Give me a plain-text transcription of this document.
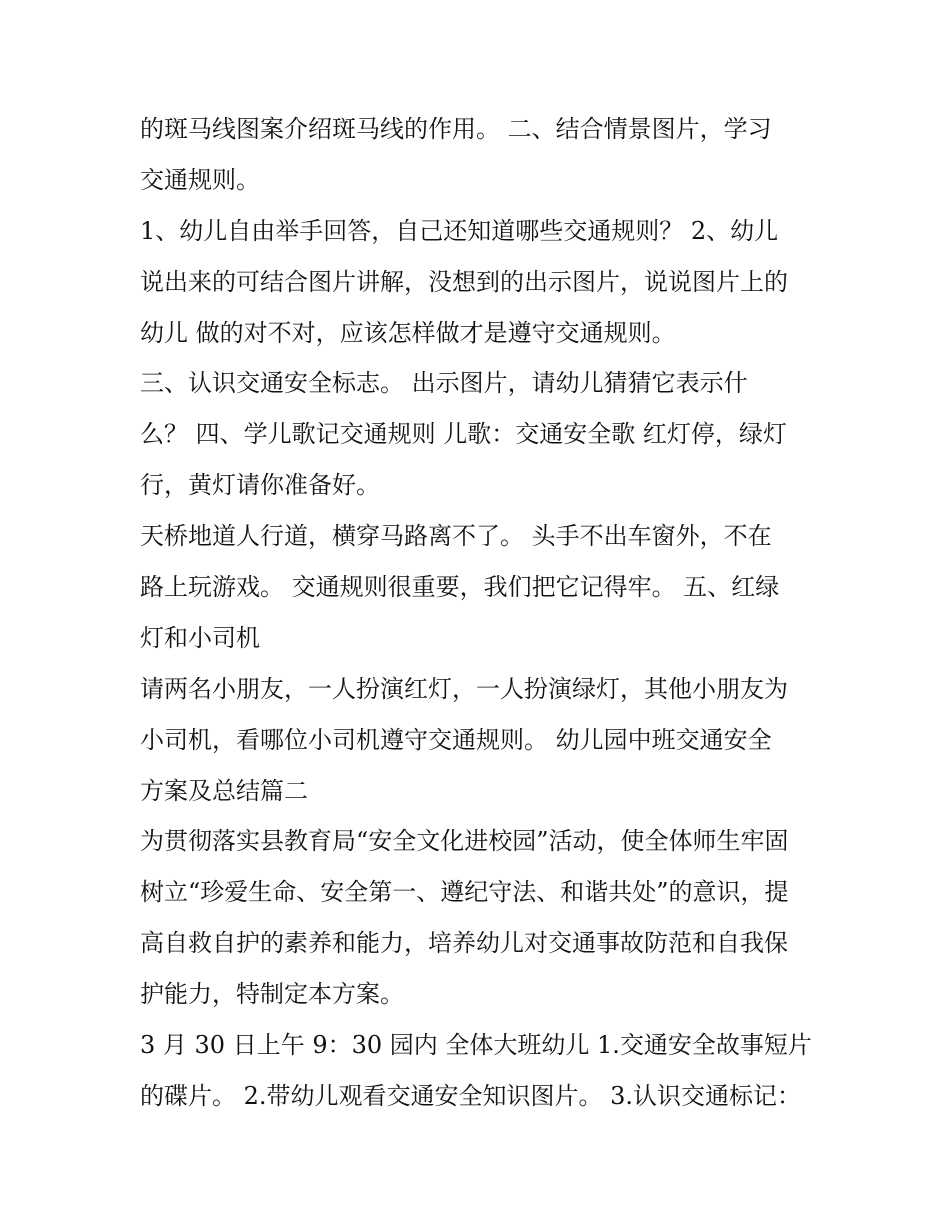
的斑马线图案介绍斑马线的作用。 二、结合情景图片，学习
交通规则。
1、幼儿自由举手回答，自己还知道哪些交通规则？ 2、幼儿
说出来的可结合图片讲解，没想到的出示图片，说说图片上的
幼儿 做的对不对，应该怎样做才是遵守交通规则。
三、认识交通安全标志。 出示图片，请幼儿猜猜它表示什
么？ 四、学儿歌记交通规则 儿歌：交通安全歌 红灯停，绿灯
行，黄灯请你准备好。
天桥地道人行道，横穿马路离不了。 头手不出车窗外，不在
路上玩游戏。 交通规则很重要，我们把它记得牢。 五、红绿
灯和小司机
请两名小朋友，一人扮演红灯，一人扮演绿灯，其他小朋友为
小司机，看哪位小司机遵守交通规则。 幼儿园中班交通安全
方案及总结篇二
为贯彻落实县教育局“安全文化进校园”活动，使全体师生牢固
树立“珍爱生命、安全第一、遵纪守法、和谐共处”的意识，提
高自救自护的素养和能力，培养幼儿对交通事故防范和自我保
护能力，特制定本方案。
3 月 30 日上午 9：30 园内 全体大班幼儿 1.交通安全故事短片
的碟片。 2.带幼儿观看交通安全知识图片。 3.认识交通标记：
